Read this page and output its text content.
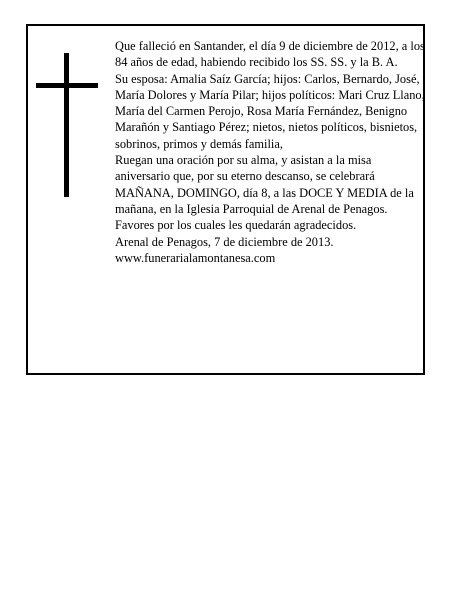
Que falleció en Santander, el día 9 de diciembre de 2012, a los 84 años de edad, habiendo recibido los SS. SS. y la B. A.

Su esposa: Amalia Saíz García; hijos: Carlos, Bernardo, José, María Dolores y María Pilar; hijos políticos: Mari Cruz Llano, María del Carmen Perojo, Rosa María Fernández, Benigno Marañón y Santiago Pérez; nietos, nietos políticos, bisnietos, sobrinos, primos y demás familia,

Ruegan una oración por su alma, y asistan a la misa aniversario que, por su eterno descanso, se celebrará MAÑANA, DOMINGO, día 8, a las DOCE Y MEDIA de la mañana, en la Iglesia Parroquial de Arenal de Penagos. Favores por los cuales les quedarán agradecidos.

Arenal de Penagos, 7 de diciembre de 2013.

www.funerarialamontanesa.com
